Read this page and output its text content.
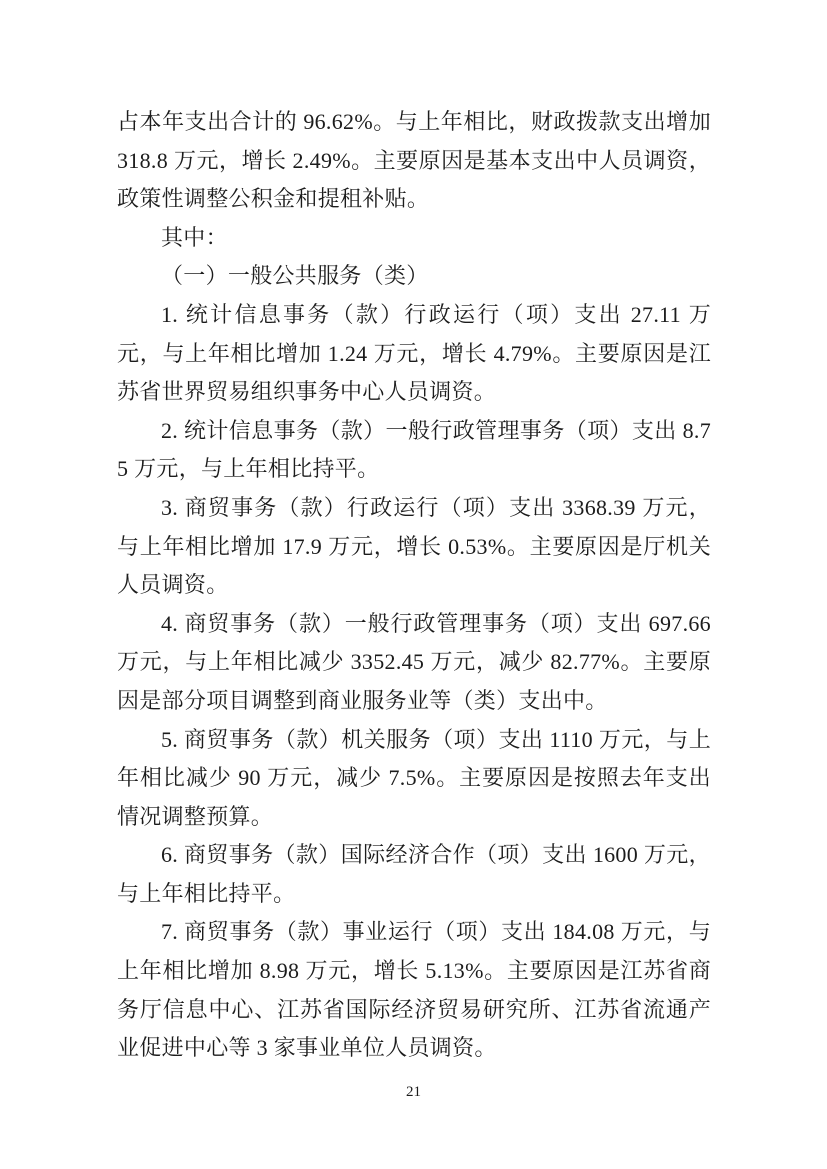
占本年支出合计的 96.62%。与上年相比，财政拨款支出增加 318.8 万元，增长 2.49%。主要原因是基本支出中人员调资，政策性调整公积金和提租补贴。

其中：

（一）一般公共服务（类）

1. 统计信息事务（款）行政运行（项）支出 27.11 万元，与上年相比增加 1.24 万元，增长 4.79%。主要原因是江苏省世界贸易组织事务中心人员调资。

2. 统计信息事务（款）一般行政管理事务（项）支出 8.75 万元，与上年相比持平。

3. 商贸事务（款）行政运行（项）支出 3368.39 万元，与上年相比增加 17.9 万元，增长 0.53%。主要原因是厅机关人员调资。

4. 商贸事务（款）一般行政管理事务（项）支出 697.66 万元，与上年相比减少 3352.45 万元，减少 82.77%。主要原因是部分项目调整到商业服务业等（类）支出中。

5. 商贸事务（款）机关服务（项）支出 1110 万元，与上年相比减少 90 万元，减少 7.5%。主要原因是按照去年支出情况调整预算。

6. 商贸事务（款）国际经济合作（项）支出 1600 万元，与上年相比持平。

7. 商贸事务（款）事业运行（项）支出 184.08 万元，与上年相比增加 8.98 万元，增长 5.13%。主要原因是江苏省商务厅信息中心、江苏省国际经济贸易研究所、江苏省流通产业促进中心等 3 家事业单位人员调资。

21
